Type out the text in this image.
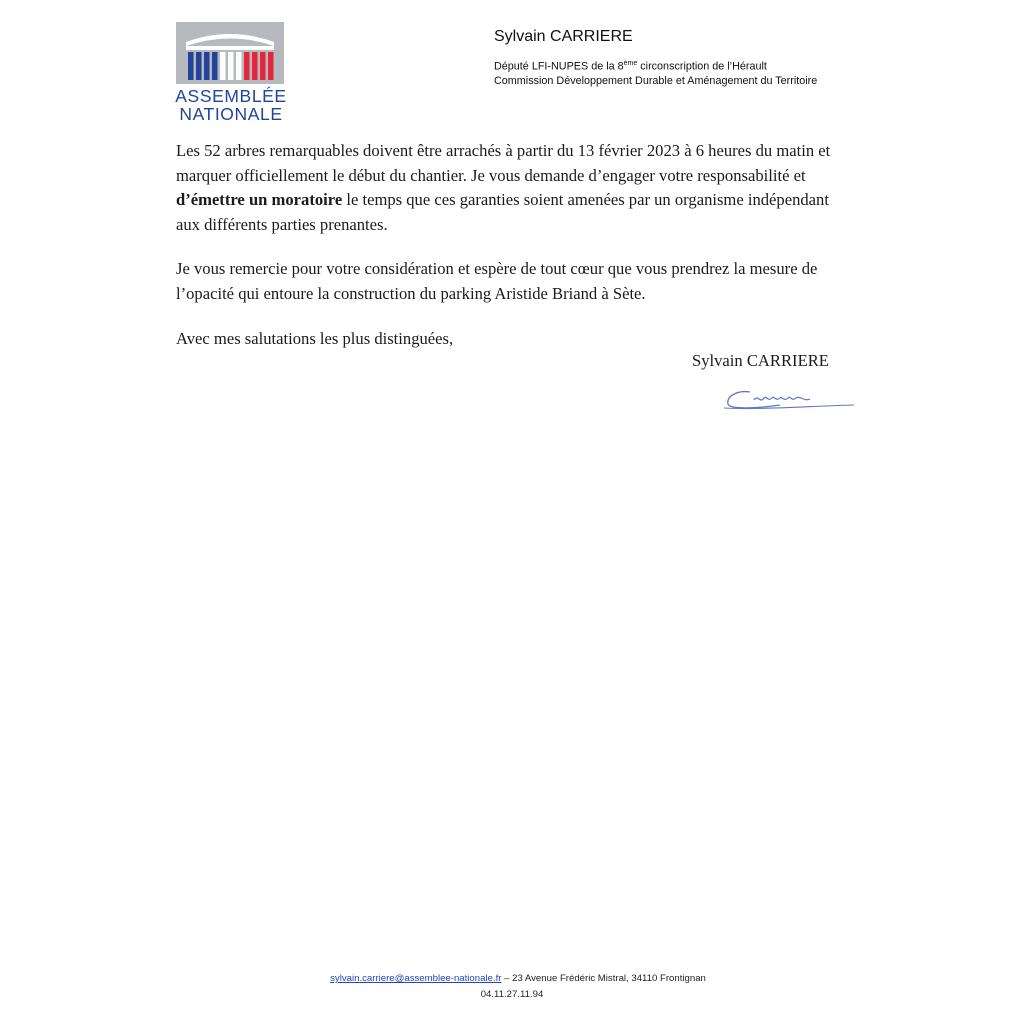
ASSEMBLÉE
NATIONALE
Sylvain CARRIERE
Député LFI-NUPES de la 8ème circonscription de l’Hérault
Commission Développement Durable et Aménagement du Territoire

Les 52 arbres remarquables doivent être arrachés à partir du 13 février 2023 à 6 heures du matin et marquer officiellement le début du chantier. Je vous demande d’engager votre responsabilité et d’émettre un moratoire le temps que ces garanties soient amenées par un organisme indépendant aux différents parties prenantes.

Je vous remercie pour votre considération et espère de tout cœur que vous prendrez la mesure de l’opacité qui entoure la construction du parking Aristide Briand à Sète.

Avec mes salutations les plus distinguées,

Sylvain CARRIERE
sylvain.carriere@assemblee-nationale.fr – 23 Avenue Frédéric Mistral, 34110 Frontignan
04.11.27.11.94
